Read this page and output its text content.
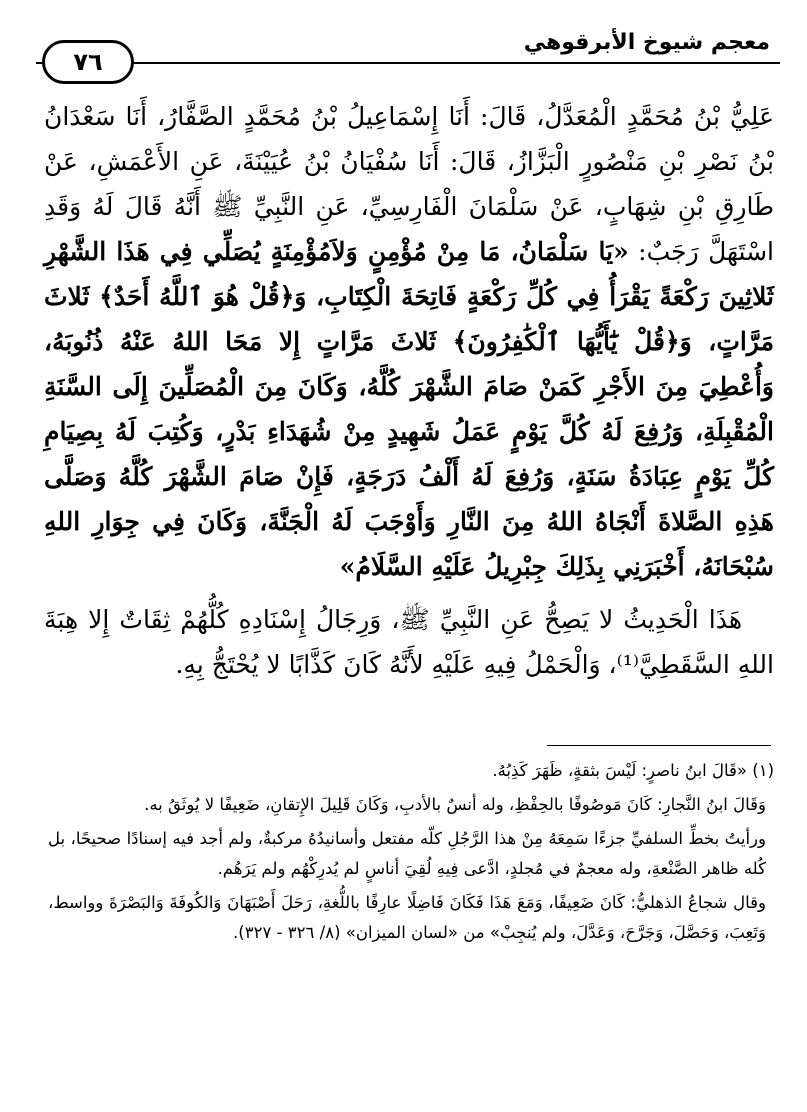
معجم شيوخ الأبرقوهي
٧٦

عَلِيُّ بْنُ مُحَمَّدٍ الْمُعَدَّلُ، قَالَ: أَنَا إِسْمَاعِيلُ بْنُ مُحَمَّدٍ الصَّفَّارُ، أَنَا سَعْدَانُ بْنُ نَصْرِ بْنِ مَنْصُورٍ الْبَزَّازُ، قَالَ: أَنَا سُفْيَانُ بْنُ عُيَيْنَةَ، عَنِ الأَعْمَشِ، عَنْ طَارِقِ بْنِ شِهَابٍ، عَنْ سَلْمَانَ الْفَارِسِيِّ، عَنِ النَّبِيِّ ﷺ أَنَّهُ قَالَ لَهُ وَقَدِ اسْتَهَلَّ رَجَبٌ: «يَا سَلْمَانُ، مَا مِنْ مُؤْمِنٍ وَلاَمُؤْمِنَةٍ يُصَلِّي فِي هَذَا الشَّهْرِ ثَلاثِينَ رَكْعَةً يَقْرَأُ فِي كُلِّ رَكْعَةٍ فَاتِحَةَ الْكِتَابِ، وَ﴿قُلْ هُوَ ٱللَّهُ أَحَدٌ﴾ ثَلاثَ مَرَّاتٍ، وَ﴿قُلْ يَٰٓأَيُّهَا ٱلْكَٰفِرُونَ﴾ ثَلاثَ مَرَّاتٍ إِلا مَحَا اللهُ عَنْهُ ذُنُوبَهُ، وَأُعْطِيَ مِنَ الأَجْرِ كَمَنْ صَامَ الشَّهْرَ كُلَّهُ، وَكَانَ مِنَ الْمُصَلِّينَ إِلَى السَّنَةِ الْمُقْبِلَةِ، وَرُفِعَ لَهُ كُلَّ يَوْمٍ عَمَلُ شَهِيدٍ مِنْ شُهَدَاءِ بَدْرٍ، وَكُتِبَ لَهُ بِصِيَامِ كُلِّ يَوْمٍ عِبَادَةُ سَنَةٍ، وَرُفِعَ لَهُ أَلْفُ دَرَجَةٍ، فَإِنْ صَامَ الشَّهْرَ كُلَّهُ وَصَلَّى هَذِهِ الصَّلاةَ أَنْجَاهُ اللهُ مِنَ النَّارِ وَأَوْجَبَ لَهُ الْجَنَّةَ، وَكَانَ فِي جِوَارِ اللهِ سُبْحَانَهُ، أَخْبَرَنِي بِذَلِكَ جِبْرِيلُ عَلَيْهِ السَّلَامُ»

هَذَا الْحَدِيثُ لا يَصِحُّ عَنِ النَّبِيِّ ﷺ، وَرِجَالُ إِسْنَادِهِ كُلُّهُمْ ثِقَاتٌ إِلا هِبَةَ اللهِ السَّقَطِيَّ⁽¹⁾، وَالْحَمْلُ فِيهِ عَلَيْهِ لأَنَّهُ كَانَ كَذَّابًا لا يُحْتَجُّ بِهِ.

(١) «قَالَ ابنُ ناصرٍ: لَيْسَ بثقةٍ، ظَهَرَ كَذِبُهُ.

وَقَالَ ابنُ النَّجارِ: كَانَ مَوصُوفًا بالحِفْظِ، وله أنسٌ بالأدبِ، وَكَانَ قَلِيلَ الإِتقانِ، ضَعِيفًا لا يُوثَقُ به.

ورأيتُ بخطِّ السلفيِّ جزءًا سَمِعَهُ مِنْ هذا الرَّجُلِ كلّه مفتعل وأسانيدُهُ مركبةٌ، ولم أجد فيه إسنادًا صحيحًا، بل كُله ظاهر الصَّنْعةِ، وله معجمٌ في مُجلدٍ، ادَّعى فِيهِ لُقِيَ أناسٍ لم يُدرِكْهُم ولم يَرَهُم.

وقال شجاعُ الذهليُّ: كَانَ ضَعِيفًا، وَمَعَ هَذَا فَكَانَ فَاضِلًا عارِفًا باللُّغةِ، رَحَلَ أَصْبَهَانَ وَالكُوفَةَ وَالبَصْرَةَ وواسط، وَتَعِبَ، وَحَصَّلَ، وَجَرَّحَ، وَعَدَّلَ، ولم يُنجِبْ» من «لسان الميزان» (٨/ ٣٢٦ - ٣٢٧).
